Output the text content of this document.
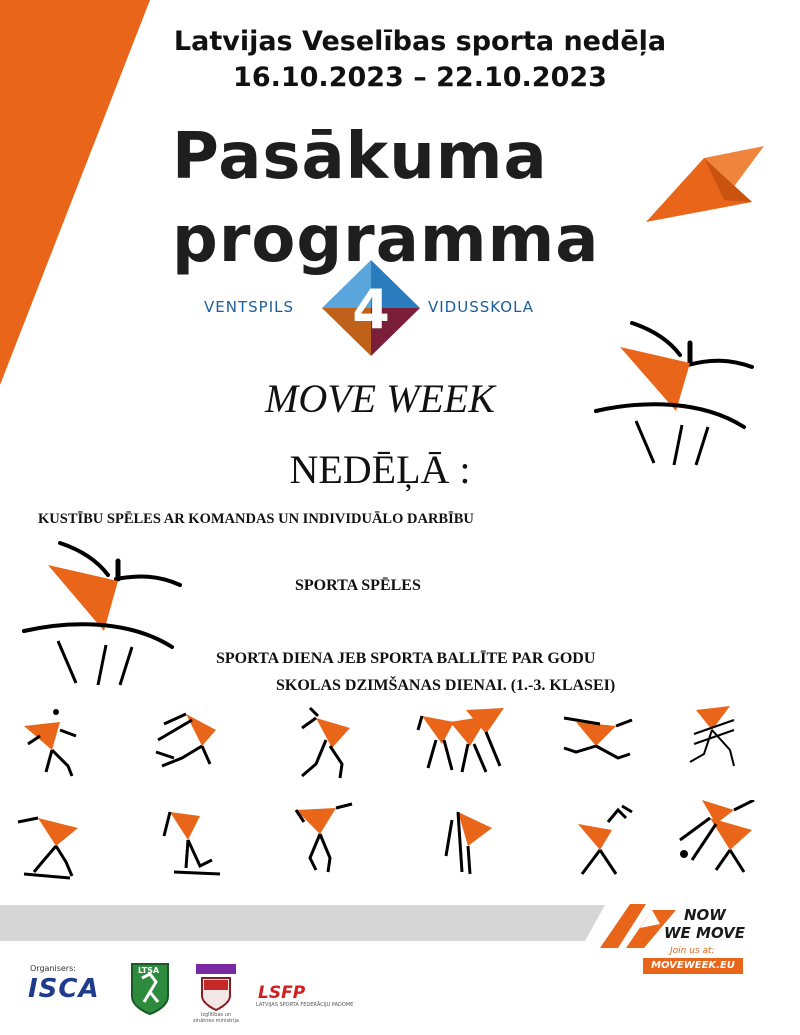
Latvijas Veselības sporta nedēļa
16.10.2023 – 22.10.2023
Pasākuma
programma
VENTSPILS 4	VIDUSSKOLA
MOVE WEEK
NEDĒĻĀ :
KUSTĪBU SPĒLES AR KOMANDAS UN INDIVIDUĀLO DARBĪBU
SPORTA SPĒLES
SPORTA DIENA JEB SPORTA BALLĪTE PAR GODU
SKOLAS DZIMŠANAS DIENAI. (1.-3. KLASEI)
NOW
WE MOVE
Join us at:
MOVEWEEK.EU
Organisers:
ISCA
LTSA
Izglītības un zinātnes ministrija
LSFP
LATVIJAS SPORTA FEDERĀCIJU PADOME
